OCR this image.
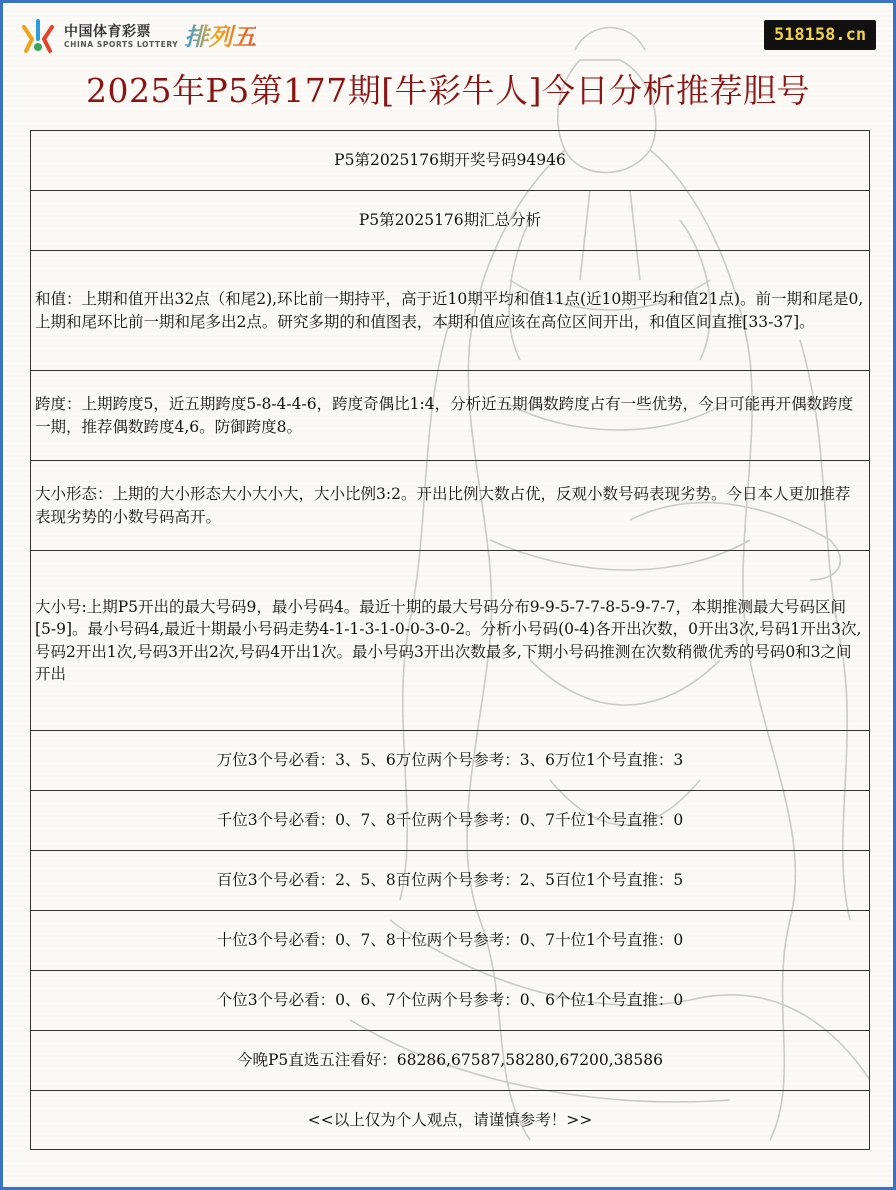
中国体育彩票
CHINA SPORTS LOTTERY 排列五	518158.cn
2025年P5第177期[牛彩牛人]今日分析推荐胆号
P5第2025176期开奖号码94946
P5第2025176期汇总分析
和值：上期和值开出32点（和尾2),环比前一期持平，高于近10期平均和值11点(近10期平均和值21点)。前一期和尾是0,上期和尾环比前一期和尾多出2点。研究多期的和值图表，本期和值应该在高位区间开出，和值区间直推[33-37]。
跨度：上期跨度5，近五期跨度5-8-4-4-6，跨度奇偶比1:4，分析近五期偶数跨度占有一些优势，今日可能再开偶数跨度一期，推荐偶数跨度4,6。防御跨度8。
大小形态：上期的大小形态大小大小大，大小比例3:2。开出比例大数占优，反观小数号码表现劣势。今日本人更加推荐表现劣势的小数号码高开。
大小号:上期P5开出的最大号码9，最小号码4。最近十期的最大号码分布9-9-5-7-7-8-5-9-7-7，本期推测最大号码区间[5-9]。最小号码4,最近十期最小号码走势4-1-1-3-1-0-0-3-0-2。分析小号码(0-4)各开出次数，0开出3次,号码1开出3次,号码2开出1次,号码3开出2次,号码4开出1次。最小号码3开出次数最多,下期小号码推测在次数稍微优秀的号码0和3之间开出
万位3个号必看：3、5、6万位两个号参考：3、6万位1个号直推：3
千位3个号必看：0、7、8千位两个号参考：0、7千位1个号直推：0
百位3个号必看：2、5、8百位两个号参考：2、5百位1个号直推：5
十位3个号必看：0、7、8十位两个号参考：0、7十位1个号直推：0
个位3个号必看：0、6、7个位两个号参考：0、6个位1个号直推：0
今晚P5直选五注看好：68286,67587,58280,67200,38586
<<以上仅为个人观点，请谨慎参考！>>
